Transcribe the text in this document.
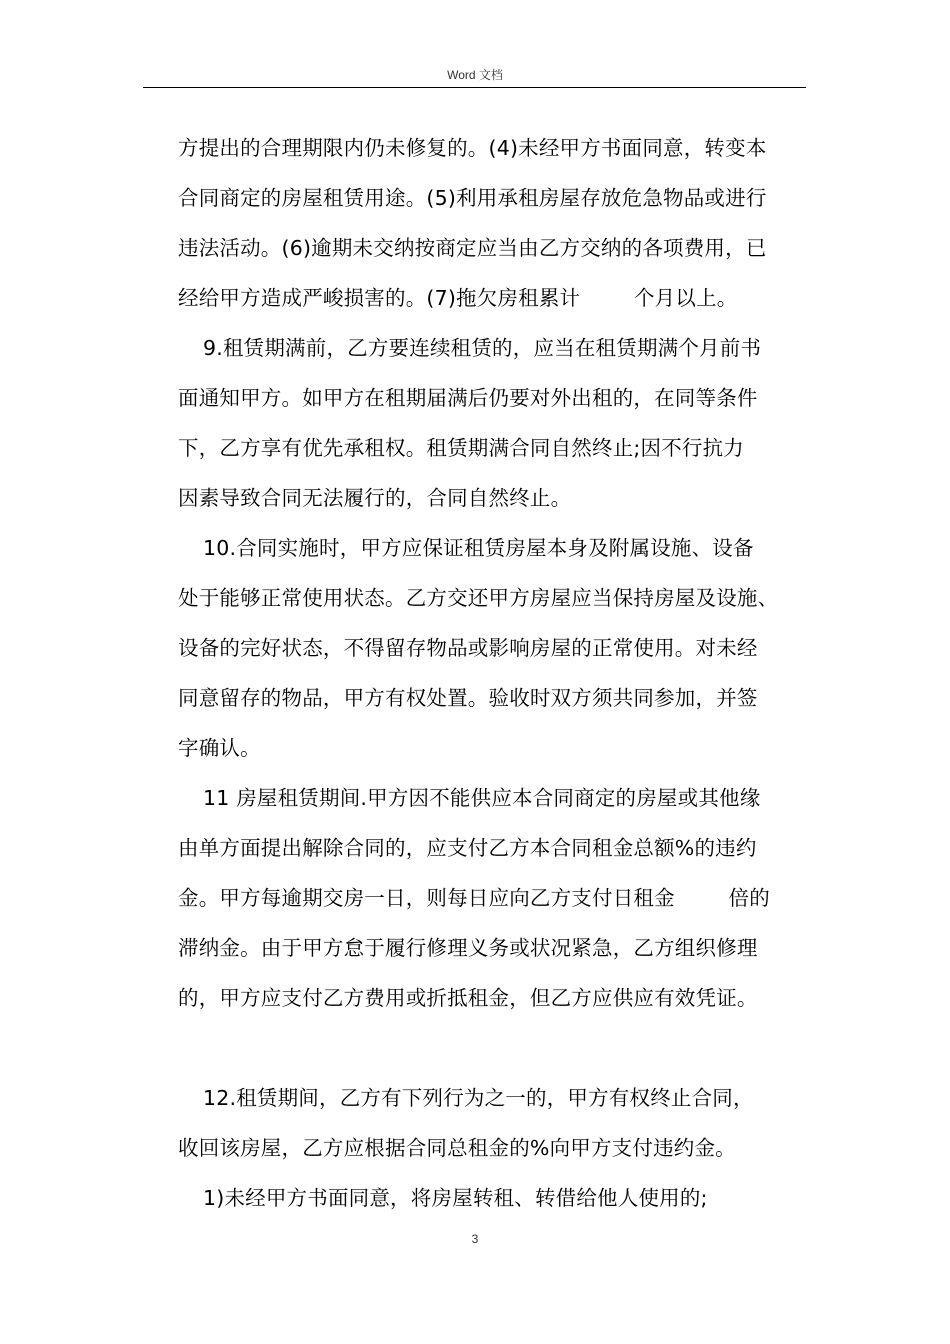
Word 文档
方提出的合理期限内仍未修复的。(4)未经甲方书面同意，转变本
合同商定的房屋租赁用途。(5)利用承租房屋存放危急物品或进行
违法活动。(6)逾期未交纳按商定应当由乙方交纳的各项费用，已
经给甲方造成严峻损害的。(7)拖欠房租累计        个月以上。
9.租赁期满前，乙方要连续租赁的，应当在租赁期满个月前书
面通知甲方。如甲方在租期届满后仍要对外出租的，在同等条件
下，乙方享有优先承租权。租赁期满合同自然终止;因不行抗力
因素导致合同无法履行的，合同自然终止。
10.合同实施时，甲方应保证租赁房屋本身及附属设施、设备
处于能够正常使用状态。乙方交还甲方房屋应当保持房屋及设施、
设备的完好状态，不得留存物品或影响房屋的正常使用。对未经
同意留存的物品，甲方有权处置。验收时双方须共同参加，并签
字确认。
11 房屋租赁期间.甲方因不能供应本合同商定的房屋或其他缘
由单方面提出解除合同的，应支付乙方本合同租金总额%的违约
金。甲方每逾期交房一日，则每日应向乙方支付日租金        倍的
滞纳金。由于甲方怠于履行修理义务或状况紧急，乙方组织修理
的，甲方应支付乙方费用或折抵租金，但乙方应供应有效凭证。
12.租赁期间，乙方有下列行为之一的，甲方有权终止合同，
收回该房屋，乙方应根据合同总租金的%向甲方支付违约金。
1)未经甲方书面同意，将房屋转租、转借给他人使用的;
3
